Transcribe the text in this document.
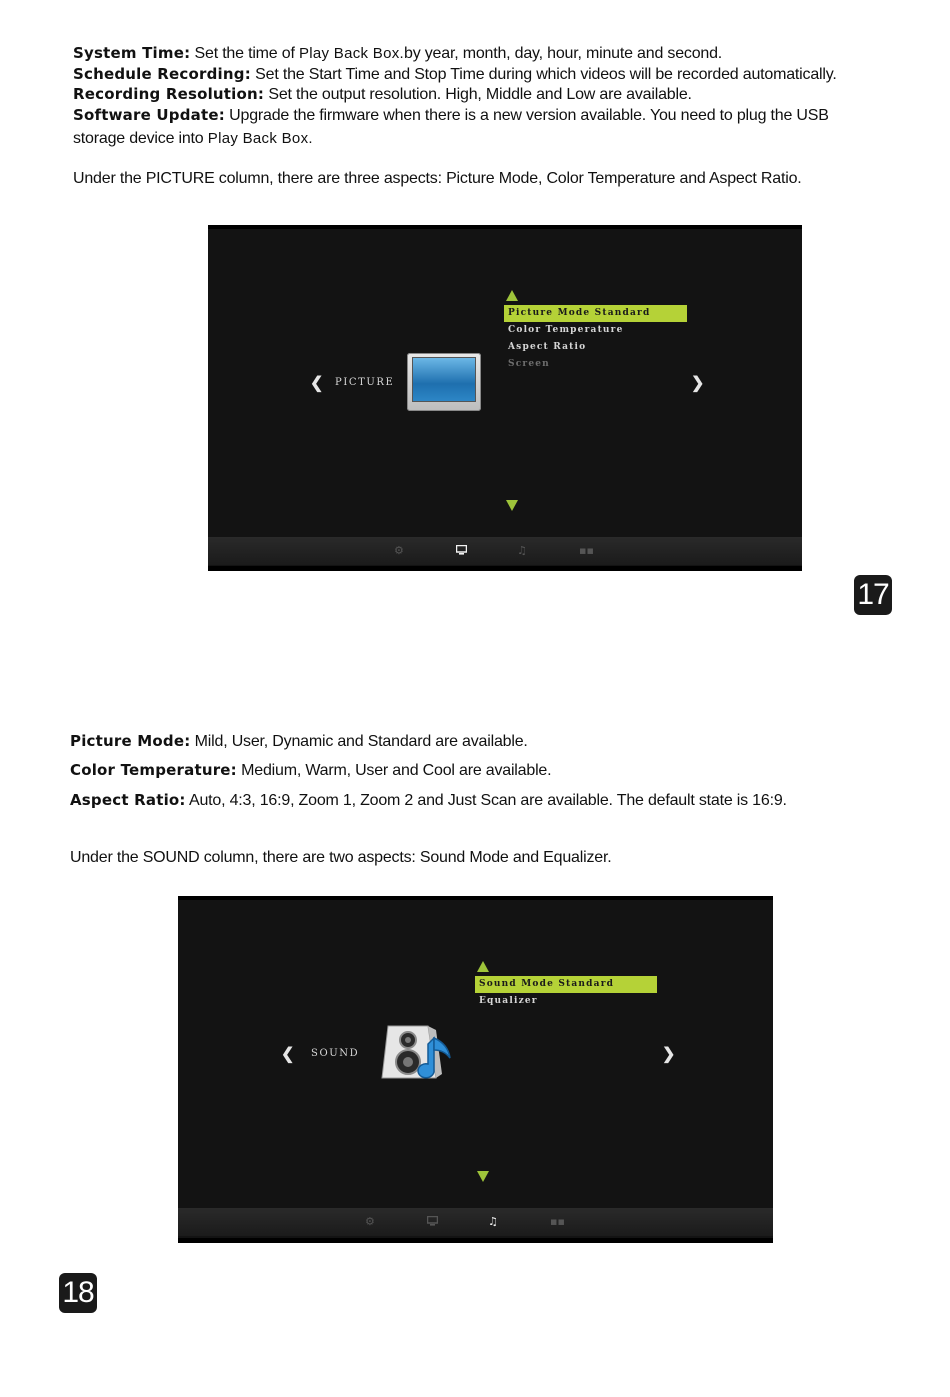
System Time: Set the time of Play Back Box.by year, month, day, hour, minute and second.
Schedule Recording: Set the Start Time and Stop Time during which videos will be recorded automatically.
Recording Resolution: Set the output resolution. High, Middle and Low are available.
Software Update: Upgrade the firmware when there is a new version available. You need to plug the USB
storage device into Play Back Box.
Under the PICTURE column, there are three aspects: Picture Mode, Color Temperature and Aspect Ratio.
Picture Mode Standard
Color Temperature
Aspect Ratio
Screen
❮ PICTURE	❯
⚙	♫	▪▪
17
Picture Mode: Mild, User, Dynamic and Standard are available.
Color Temperature: Medium, Warm, User and Cool are available.
Aspect Ratio: Auto, 4:3, 16:9, Zoom 1, Zoom 2 and Just Scan are available. The default state is 16:9.
Under the SOUND column, there are two aspects: Sound Mode and Equalizer.
Sound Mode Standard
Equalizer
❮ SOUND	❯
⚙	♫	▪▪
18
